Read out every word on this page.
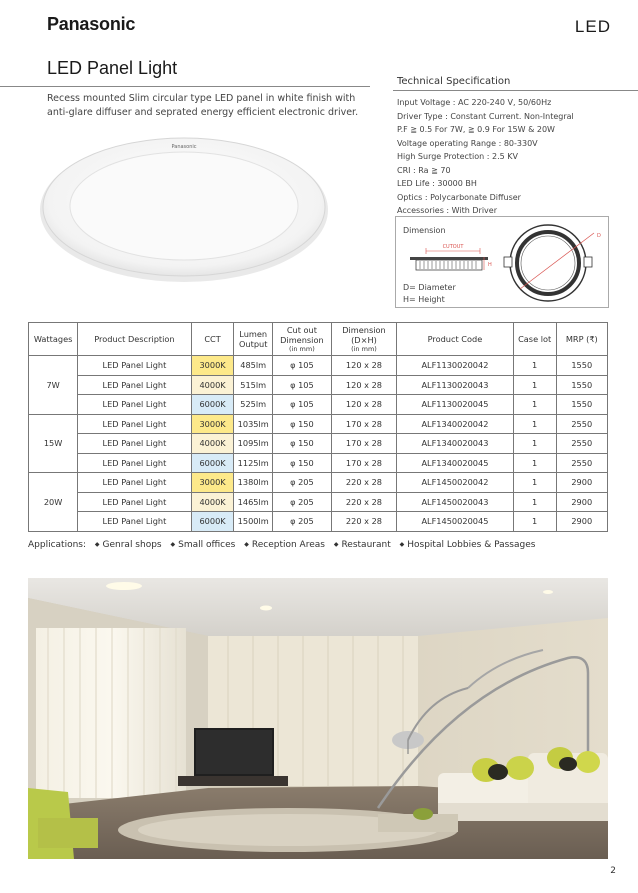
Panasonic	LED
LED Panel Light

Recess mounted Slim circular type LED panel in white finish with anti-glare diffuser and seprated energy efficient electronic driver.

Panasonic
Technical Specification
Input Voltage : AC 220-240 V, 50/60Hz
Driver Type : Constant Current. Non-Integral
P.F ≧ 0.5 For 7W, ≧ 0.9 For 15W & 20W
Voltage operating Range : 80-330V
High Surge Protection : 2.5 KV
CRI : Ra ≧ 70
LED Life : 30000 BH
Optics : Polycarbonate Diffuser
Accessories : With Driver
CUTOUT
H
D
Dimension
D= Diameter
H= Height
Wattages	Product Description	CCT	Lumen
Output	Cut out
Dimension
(in mm)	Dimension
(D×H)
(in mm)	Product Code	Case lot	MRP (₹)
7W	LED Panel Light	3000K	485lm	φ 105	120 x 28	ALF1130020042	1	1550
	LED Panel Light	4000K	515lm	φ 105	120 x 28	ALF1130020043	1	1550
	LED Panel Light	6000K	525lm	φ 105	120 x 28	ALF1130020045	1	1550
15W	LED Panel Light	3000K	1035lm	φ 150	170 x 28	ALF1340020042	1	2550
	LED Panel Light	4000K	1095lm	φ 150	170 x 28	ALF1340020043	1	2550
	LED Panel Light	6000K	1125lm	φ 150	170 x 28	ALF1340020045	1	2550
20W	LED Panel Light	3000K	1380lm	φ 205	220 x 28	ALF1450020042	1	2900
	LED Panel Light	4000K	1465lm	φ 205	220 x 28	ALF1450020043	1	2900
	LED Panel Light	6000K	1500lm	φ 205	220 x 28	ALF1450020045	1	2900
Applications: ◆ Genral shops ◆ Small offices ◆ Reception Areas ◆ Restaurant ◆ Hospital Lobbies & Passages
2
